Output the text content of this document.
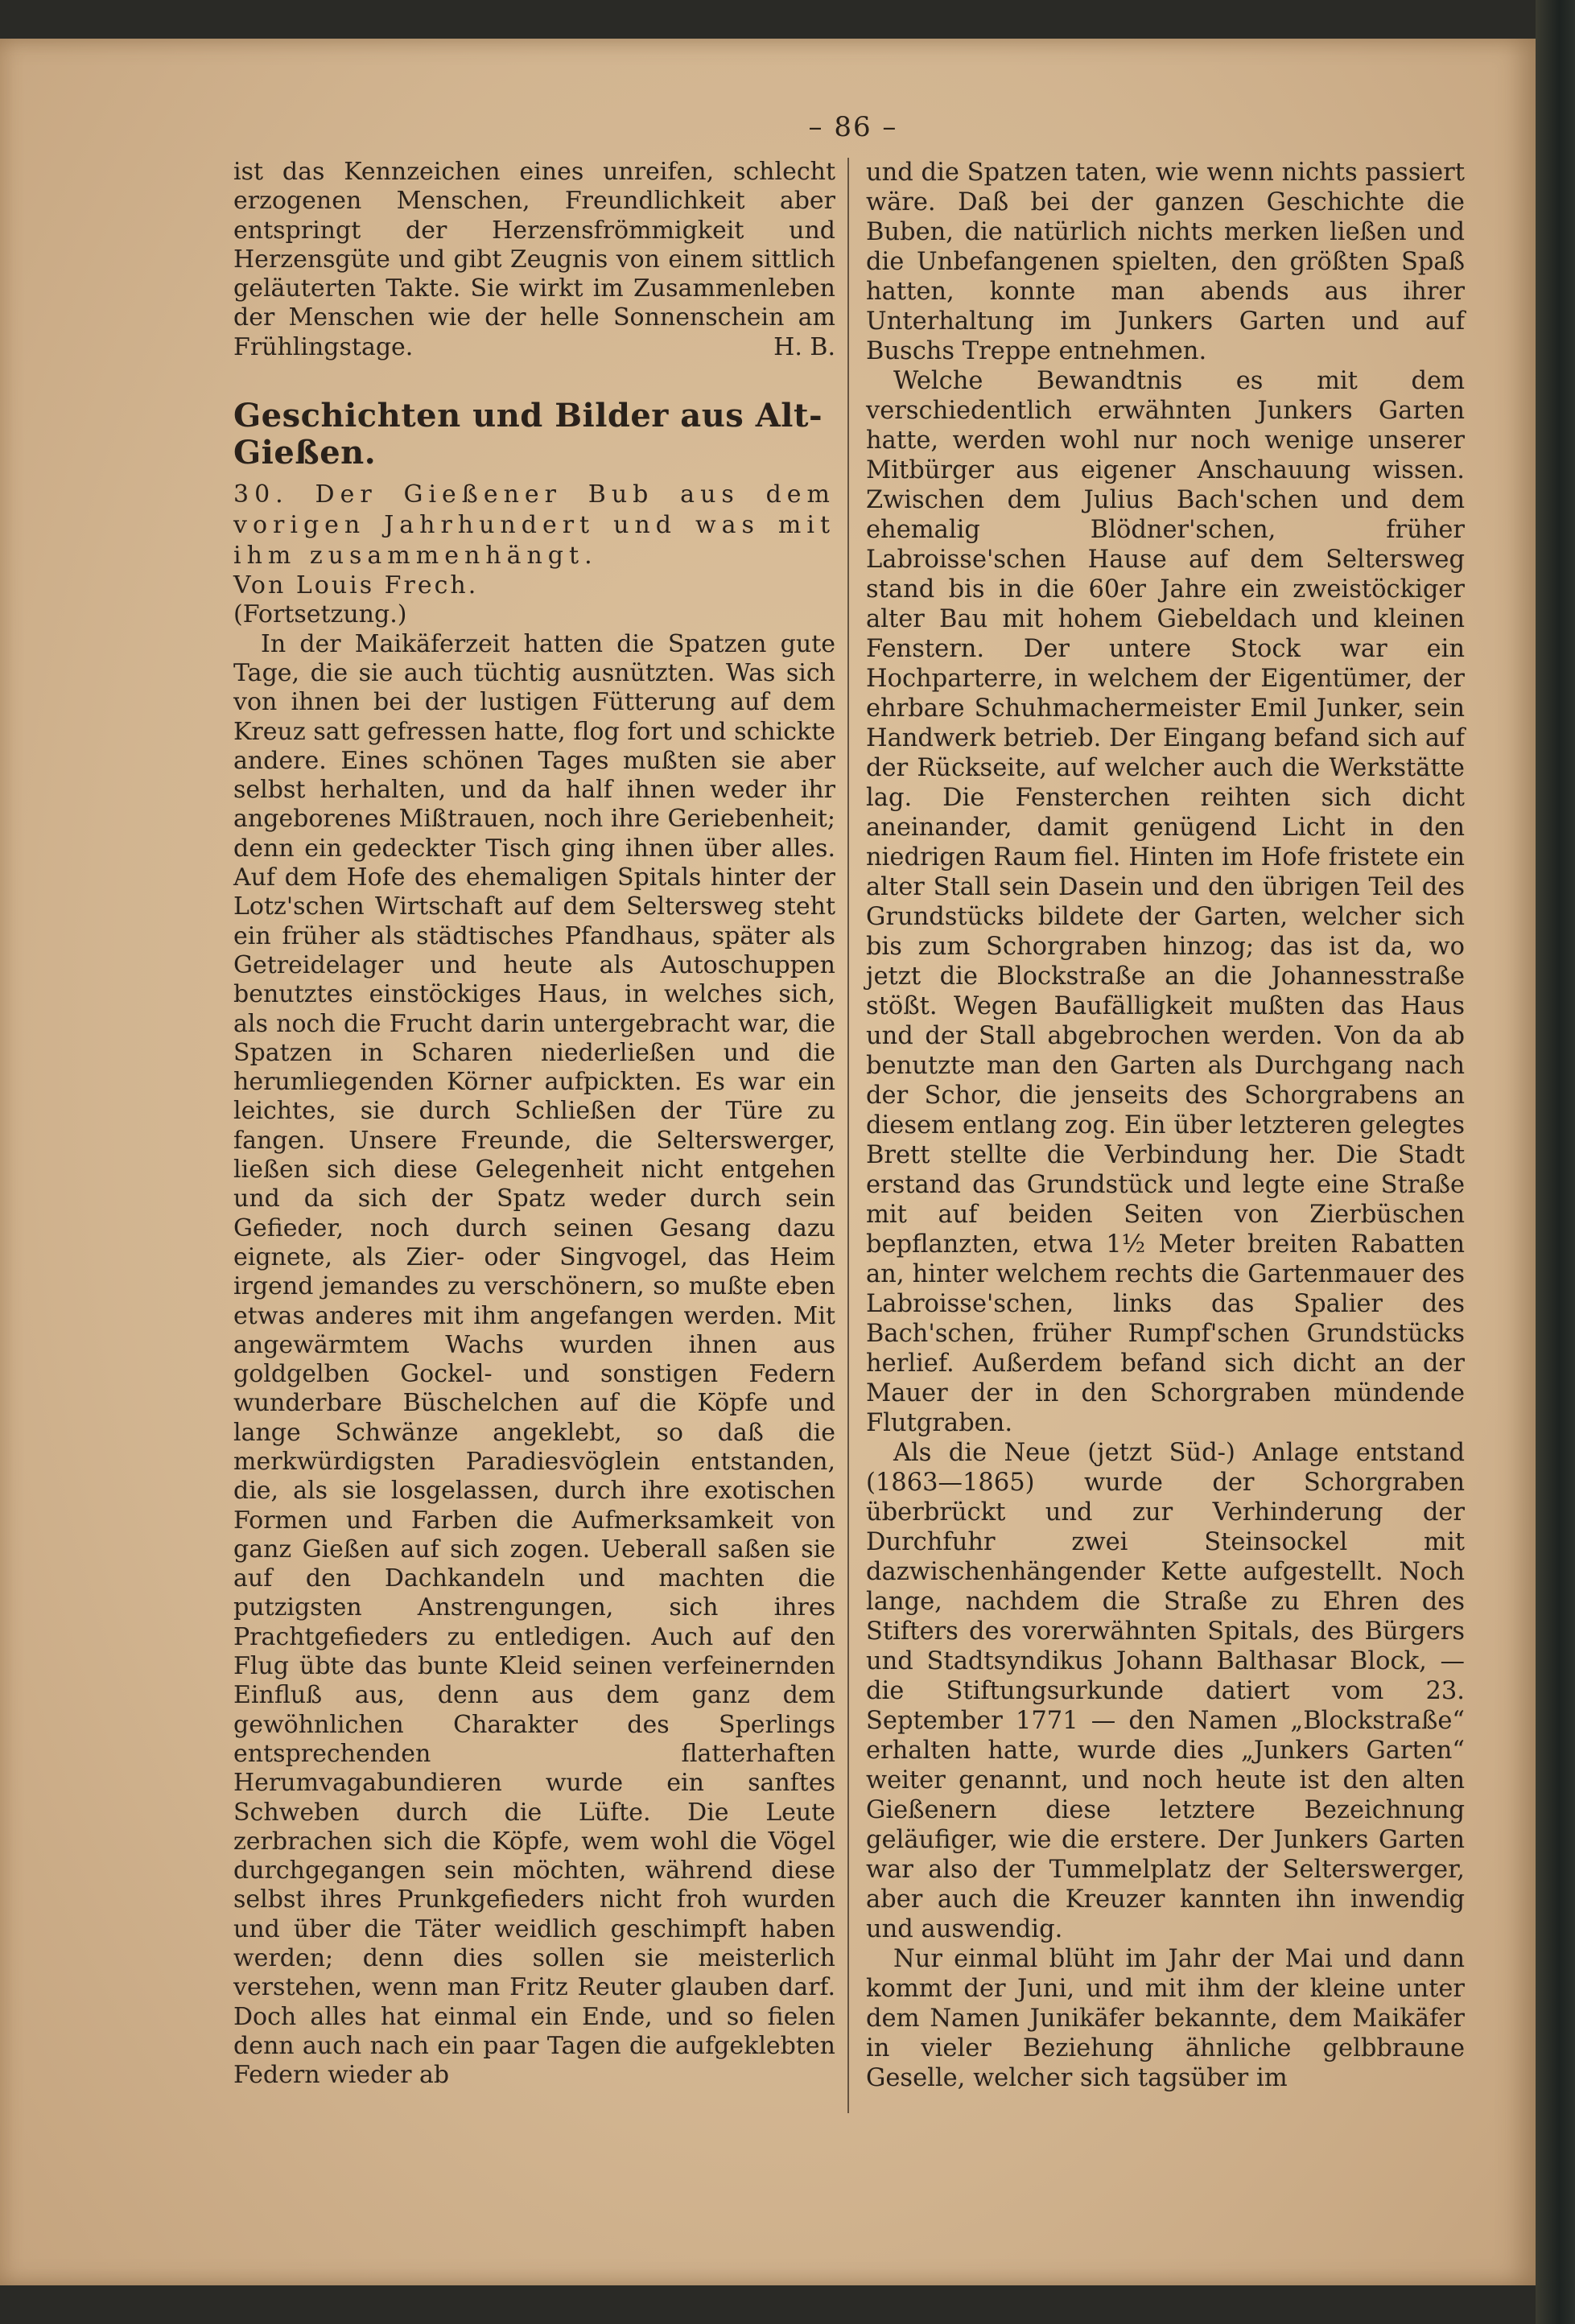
– 86 –

ist das Kennzeichen eines unreifen, schlecht erzogenen Menschen, Freundlichkeit aber entspringt der Herzensfrömmigkeit und Herzensgüte und gibt Zeugnis von einem sittlich geläuterten Takte. Sie wirkt im Zusammenleben der Menschen wie der helle Sonnenschein am Frühlingstage.	H. B.

Geschichten und Bilder aus Alt-Gießen.

30. Der Gießener Bub aus dem vorigen Jahrhundert und was mit ihm zusammenhängt.

Von Louis Frech.

(Fortsetzung.)

In der Maikäferzeit hatten die Spatzen gute Tage, die sie auch tüchtig ausnützten. Was sich von ihnen bei der lustigen Fütterung auf dem Kreuz satt gefressen hatte, flog fort und schickte andere. Eines schönen Tages mußten sie aber selbst herhalten, und da half ihnen weder ihr angeborenes Mißtrauen, noch ihre Geriebenheit; denn ein gedeckter Tisch ging ihnen über alles. Auf dem Hofe des ehemaligen Spitals hinter der Lotz'schen Wirtschaft auf dem Seltersweg steht ein früher als städtisches Pfandhaus, später als Getreidelager und heute als Autoschuppen benutztes einstöckiges Haus, in welches sich, als noch die Frucht darin untergebracht war, die Spatzen in Scharen niederließen und die herumliegenden Körner aufpickten. Es war ein leichtes, sie durch Schließen der Türe zu fangen. Unsere Freunde, die Selterswerger, ließen sich diese Gelegenheit nicht entgehen und da sich der Spatz weder durch sein Gefieder, noch durch seinen Gesang dazu eignete, als Zier- oder Singvogel, das Heim irgend jemandes zu verschönern, so mußte eben etwas anderes mit ihm angefangen werden. Mit angewärmtem Wachs wurden ihnen aus goldgelben Gockel- und sonstigen Federn wunderbare Büschelchen auf die Köpfe und lange Schwänze angeklebt, so daß die merkwürdigsten Paradiesvöglein entstanden, die, als sie losgelassen, durch ihre exotischen Formen und Farben die Aufmerksamkeit von ganz Gießen auf sich zogen. Ueberall saßen sie auf den Dachkandeln und machten die putzigsten Anstrengungen, sich ihres Prachtgefieders zu entledigen. Auch auf den Flug übte das bunte Kleid seinen verfeinernden Einfluß aus, denn aus dem ganz dem gewöhnlichen Charakter des Sperlings entsprechenden flatterhaften Herumvagabundieren wurde ein sanftes Schweben durch die Lüfte. Die Leute zerbrachen sich die Köpfe, wem wohl die Vögel durchgegangen sein möchten, während diese selbst ihres Prunkgefieders nicht froh wurden und über die Täter weidlich geschimpft haben werden; denn dies sollen sie meisterlich verstehen, wenn man Fritz Reuter glauben darf. Doch alles hat einmal ein Ende, und so fielen denn auch nach ein paar Tagen die aufgeklebten Federn wieder ab

und die Spatzen taten, wie wenn nichts passiert wäre. Daß bei der ganzen Geschichte die Buben, die natürlich nichts merken ließen und die Unbefangenen spielten, den größten Spaß hatten, konnte man abends aus ihrer Unterhaltung im Junkers Garten und auf Buschs Treppe entnehmen.

Welche Bewandtnis es mit dem verschiedentlich erwähnten Junkers Garten hatte, werden wohl nur noch wenige unserer Mitbürger aus eigener Anschauung wissen. Zwischen dem Julius Bach'schen und dem ehemalig Blödner'schen, früher Labroisse'schen Hause auf dem Seltersweg stand bis in die 60er Jahre ein zweistöckiger alter Bau mit hohem Giebeldach und kleinen Fenstern. Der untere Stock war ein Hochparterre, in welchem der Eigentümer, der ehrbare Schuhmachermeister Emil Junker, sein Handwerk betrieb. Der Eingang befand sich auf der Rückseite, auf welcher auch die Werkstätte lag. Die Fensterchen reihten sich dicht aneinander, damit genügend Licht in den niedrigen Raum fiel. Hinten im Hofe fristete ein alter Stall sein Dasein und den übrigen Teil des Grundstücks bildete der Garten, welcher sich bis zum Schorgraben hinzog; das ist da, wo jetzt die Blockstraße an die Johannesstraße stößt. Wegen Baufälligkeit mußten das Haus und der Stall abgebrochen werden. Von da ab benutzte man den Garten als Durchgang nach der Schor, die jenseits des Schorgrabens an diesem entlang zog. Ein über letzteren gelegtes Brett stellte die Verbindung her. Die Stadt erstand das Grundstück und legte eine Straße mit auf beiden Seiten von Zierbüschen bepflanzten, etwa 1½ Meter breiten Rabatten an, hinter welchem rechts die Gartenmauer des Labroisse'schen, links das Spalier des Bach'schen, früher Rumpf'schen Grundstücks herlief. Außerdem befand sich dicht an der Mauer der in den Schorgraben mündende Flutgraben.

Als die Neue (jetzt Süd-) Anlage entstand (1863—1865) wurde der Schorgraben überbrückt und zur Verhinderung der Durchfuhr zwei Steinsockel mit dazwischenhängender Kette aufgestellt. Noch lange, nachdem die Straße zu Ehren des Stifters des vorerwähnten Spitals, des Bürgers und Stadtsyndikus Johann Balthasar Block, — die Stiftungsurkunde datiert vom 23. September 1771 — den Namen „Blockstraße“ erhalten hatte, wurde dies „Junkers Garten“ weiter genannt, und noch heute ist den alten Gießenern diese letztere Bezeichnung geläufiger, wie die erstere. Der Junkers Garten war also der Tummelplatz der Selterswerger, aber auch die Kreuzer kannten ihn inwendig und auswendig.

Nur einmal blüht im Jahr der Mai und dann kommt der Juni, und mit ihm der kleine unter dem Namen Junikäfer bekannte, dem Maikäfer in vieler Beziehung ähnliche gelbbraune Geselle, welcher sich tagsüber im
